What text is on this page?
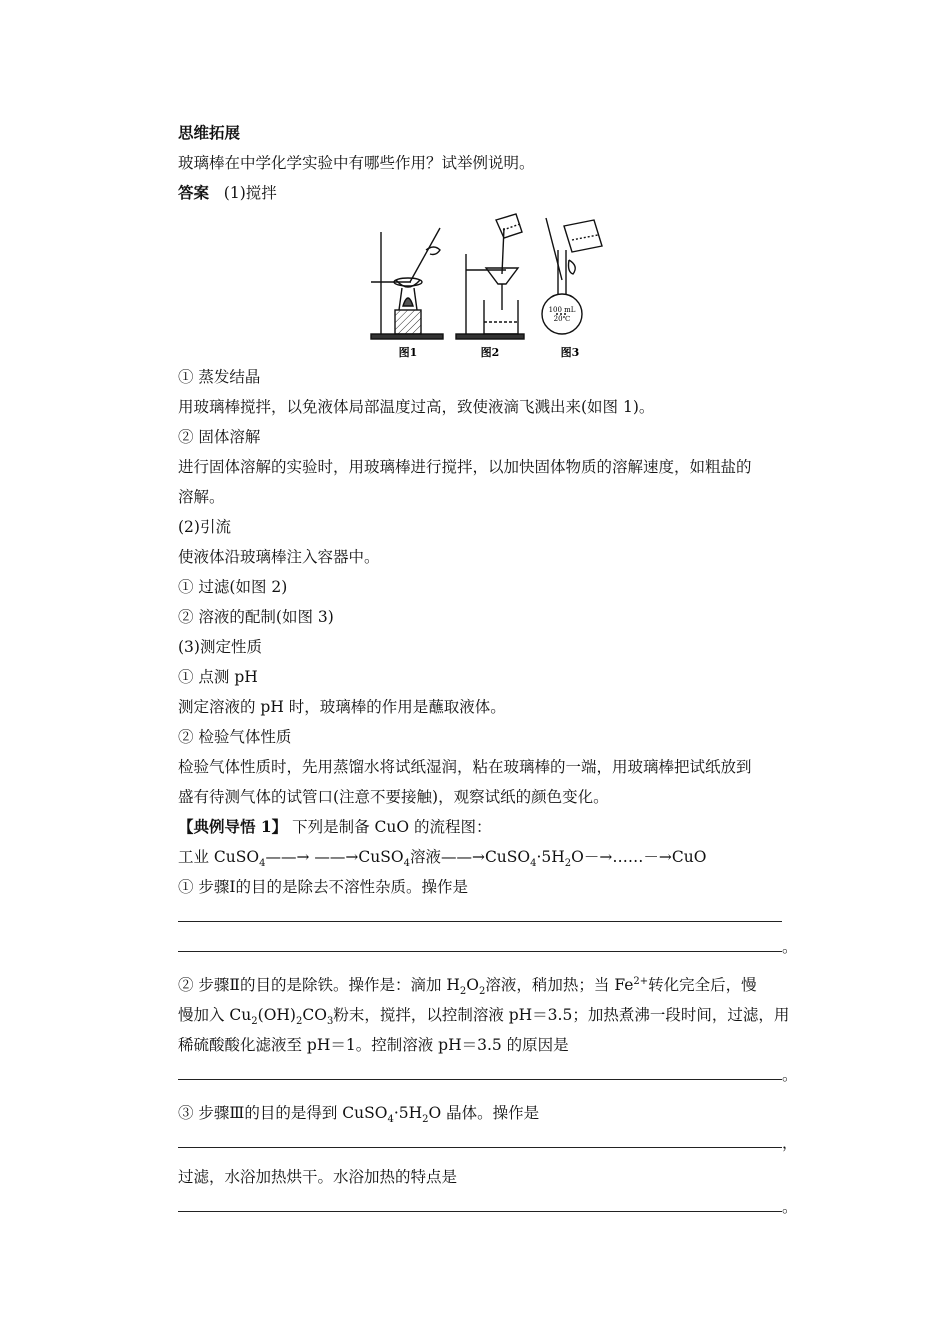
思维拓展

玻璃棒在中学化学实验中有哪些作用？试举例说明。

答案 (1)搅拌

100 mL
20℃
图1	图2	图3

① 蒸发结晶

用玻璃棒搅拌，以免液体局部温度过高，致使液滴飞溅出来(如图 1)。

② 固体溶解

进行固体溶解的实验时，用玻璃棒进行搅拌，以加快固体物质的溶解速度，如粗盐的

溶解。

(2)引流

使液体沿玻璃棒注入容器中。

① 过滤(如图 2)

② 溶液的配制(如图 3)

(3)测定性质

① 点测 pH

测定溶液的 pH 时，玻璃棒的作用是蘸取液体。

② 检验气体性质

检验气体性质时，先用蒸馏水将试纸湿润，粘在玻璃棒的一端，用玻璃棒把试纸放到

盛有待测气体的试管口(注意不要接触)，观察试纸的颜色变化。

【典例导悟 1】 下列是制备 CuO 的流程图：

工业 CuSO$_4$——→ ——→CuSO$_4$溶液$——\to CuSO_4\cdot 5H_2O-\to\dots\dots-\to CuO$

① 步骤Ⅰ的目的是除去不溶性杂质。操作是

。

② 步骤Ⅱ的目的是除铁。操作是：滴加 $H_2O_2$溶液，稍加热；当 $Fe^{2+}$转化完全后，慢

慢加入 $Cu_2(OH)_2CO_3$粉末，搅拌，以控制溶液 pH＝3.5；加热煮沸一段时间，过滤，用

稀硫酸酸化滤液至 pH＝1。控制溶液 pH＝3.5 的原因是

。

③ 步骤Ⅲ的目的是得到 $CuSO_4\cdot 5H_2O$ 晶体。操作是

，

过滤，水浴加热烘干。水浴加热的特点是

。
